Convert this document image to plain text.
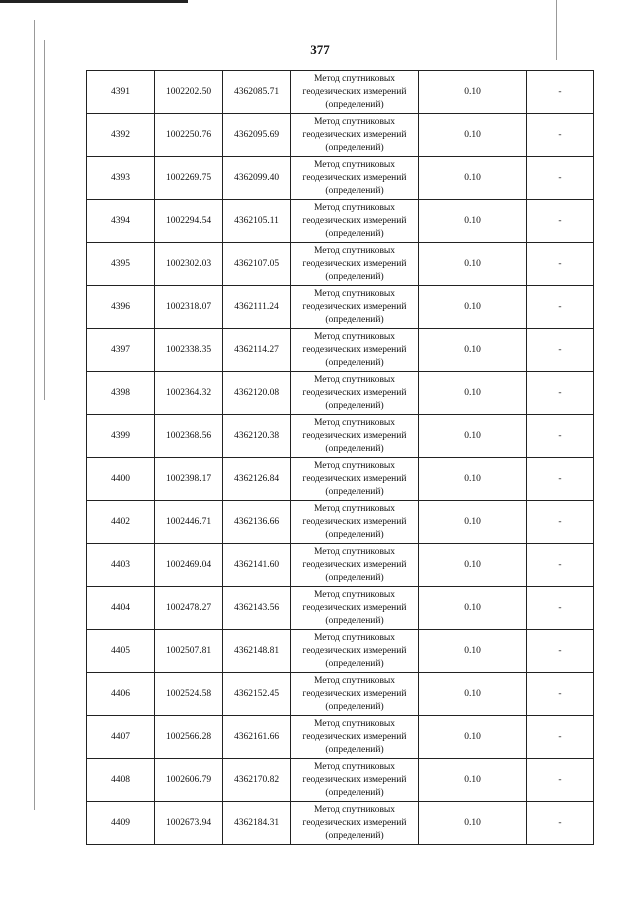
377
4391	1002202.50	4362085.71	Метод спутниковых
геодезических измерений
(определений)	0.10	-
4392	1002250.76	4362095.69	Метод спутниковых
геодезических измерений
(определений)	0.10	-
4393	1002269.75	4362099.40	Метод спутниковых
геодезических измерений
(определений)	0.10	-
4394	1002294.54	4362105.11	Метод спутниковых
геодезических измерений
(определений)	0.10	-
4395	1002302.03	4362107.05	Метод спутниковых
геодезических измерений
(определений)	0.10	-
4396	1002318.07	4362111.24	Метод спутниковых
геодезических измерений
(определений)	0.10	-
4397	1002338.35	4362114.27	Метод спутниковых
геодезических измерений
(определений)	0.10	-
4398	1002364.32	4362120.08	Метод спутниковых
геодезических измерений
(определений)	0.10	-
4399	1002368.56	4362120.38	Метод спутниковых
геодезических измерений
(определений)	0.10	-
4400	1002398.17	4362126.84	Метод спутниковых
геодезических измерений
(определений)	0.10	-
4402	1002446.71	4362136.66	Метод спутниковых
геодезических измерений
(определений)	0.10	-
4403	1002469.04	4362141.60	Метод спутниковых
геодезических измерений
(определений)	0.10	-
4404	1002478.27	4362143.56	Метод спутниковых
геодезических измерений
(определений)	0.10	-
4405	1002507.81	4362148.81	Метод спутниковых
геодезических измерений
(определений)	0.10	-
4406	1002524.58	4362152.45	Метод спутниковых
геодезических измерений
(определений)	0.10	-
4407	1002566.28	4362161.66	Метод спутниковых
геодезических измерений
(определений)	0.10	-
4408	1002606.79	4362170.82	Метод спутниковых
геодезических измерений
(определений)	0.10	-
4409	1002673.94	4362184.31	Метод спутниковых
геодезических измерений
(определений)	0.10	-
